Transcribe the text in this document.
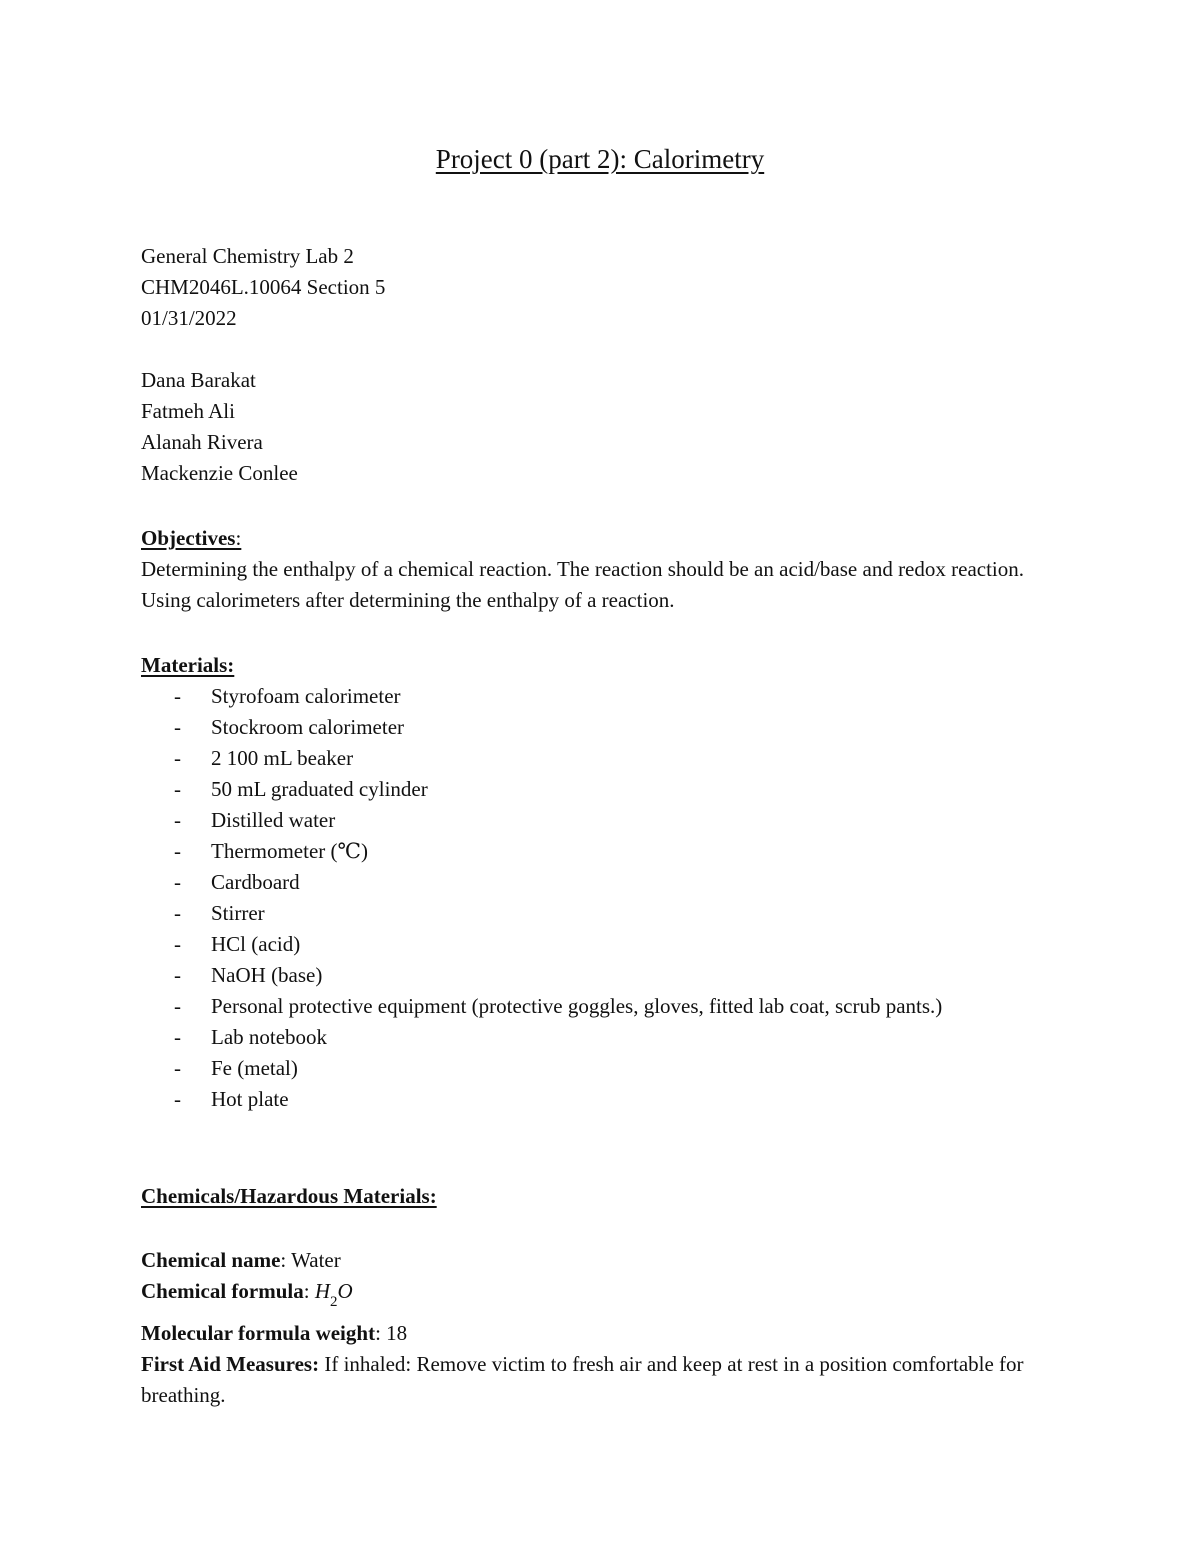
Project 0 (part 2): Calorimetry
General Chemistry Lab 2
CHM2046L.10064 Section 5
01/31/2022
Dana Barakat
Fatmeh Ali
Alanah Rivera
Mackenzie Conlee
Objectives:
Determining the enthalpy of a chemical reaction. The reaction should be an acid/base and redox reaction. Using calorimeters after determining the enthalpy of a reaction.
Materials:
- Styrofoam calorimeter
- Stockroom calorimeter
- 2 100 mL beaker
- 50 mL graduated cylinder
- Distilled water
- Thermometer (℃)
- Cardboard
- Stirrer
- HCl (acid)
- NaOH (base)
- Personal protective equipment (protective goggles, gloves, fitted lab coat, scrub pants.)
- Lab notebook
- Fe (metal)
- Hot plate
Chemicals/Hazardous Materials:
Chemical name: Water
Chemical formula: $H_2O$
Molecular formula weight: 18
First Aid Measures: If inhaled: Remove victim to fresh air and keep at rest in a position comfortable for breathing.
